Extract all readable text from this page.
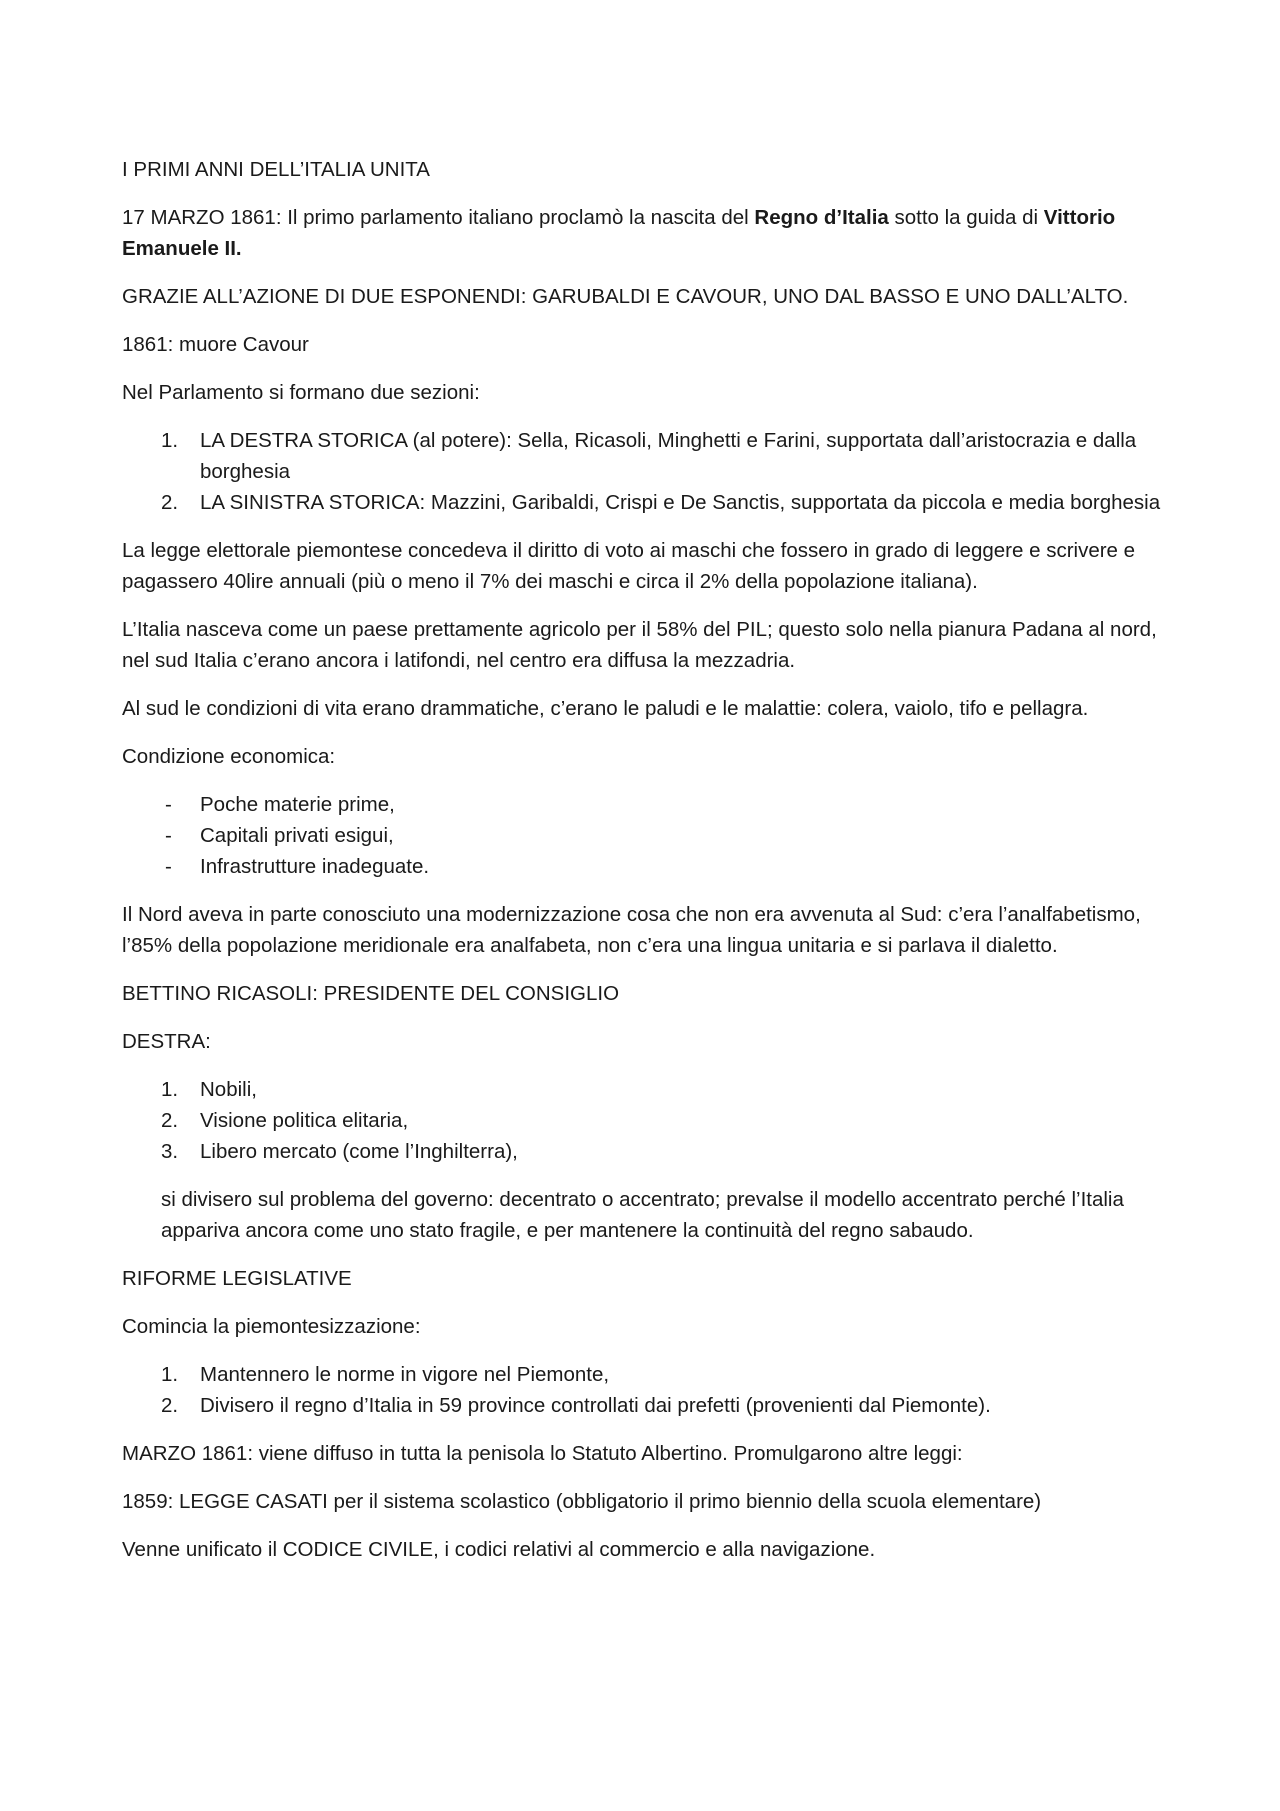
I PRIMI ANNI DELL’ITALIA UNITA

17 MARZO 1861: Il primo parlamento italiano proclamò la nascita del Regno d’Italia sotto la guida di Vittorio Emanuele II.

GRAZIE ALL’AZIONE DI DUE ESPONENDI: GARUBALDI E CAVOUR, UNO DAL BASSO E UNO DALL’ALTO.

1861: muore Cavour

Nel Parlamento si formano due sezioni:

1. LA DESTRA STORICA (al potere): Sella, Ricasoli, Minghetti e Farini, supportata dall’aristocrazia e dalla borghesia
2. LA SINISTRA STORICA: Mazzini, Garibaldi, Crispi e De Sanctis, supportata da piccola e media borghesia

La legge elettorale piemontese concedeva il diritto di voto ai maschi che fossero in grado di leggere e scrivere e pagassero 40lire annuali (più o meno il 7% dei maschi e circa il 2% della popolazione italiana).

L’Italia nasceva come un paese prettamente agricolo per il 58% del PIL; questo solo nella pianura Padana al nord, nel sud Italia c’erano ancora i latifondi, nel centro era diffusa la mezzadria.

Al sud le condizioni di vita erano drammatiche, c’erano le paludi e le malattie: colera, vaiolo, tifo e pellagra.

Condizione economica:

- Poche materie prime,
- Capitali privati esigui,
- Infrastrutture inadeguate.

Il Nord aveva in parte conosciuto una modernizzazione cosa che non era avvenuta al Sud: c’era l’analfabetismo, l’85% della popolazione meridionale era analfabeta, non c’era una lingua unitaria e si parlava il dialetto.

BETTINO RICASOLI: PRESIDENTE DEL CONSIGLIO

DESTRA:

1. Nobili,
2. Visione politica elitaria,
3. Libero mercato (come l’Inghilterra),

si divisero sul problema del governo: decentrato o accentrato; prevalse il modello accentrato perché l’Italia appariva ancora come uno stato fragile, e per mantenere la continuità del regno sabaudo.

RIFORME LEGISLATIVE

Comincia la piemontesizzazione:

1. Mantennero le norme in vigore nel Piemonte,
2. Divisero il regno d’Italia in 59 province controllati dai prefetti (provenienti dal Piemonte).

MARZO 1861: viene diffuso in tutta la penisola lo Statuto Albertino. Promulgarono altre leggi:

1859: LEGGE CASATI per il sistema scolastico (obbligatorio il primo biennio della scuola elementare)

Venne unificato il CODICE CIVILE, i codici relativi al commercio e alla navigazione.
